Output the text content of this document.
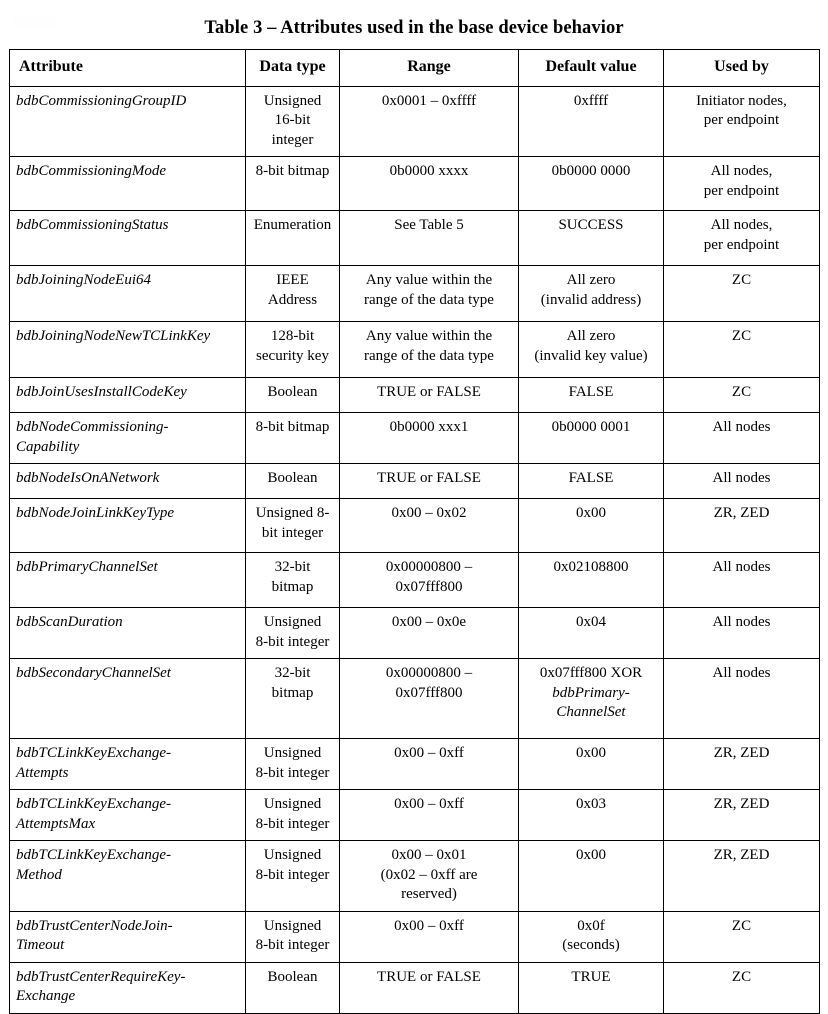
Table 3 – Attributes used in the base device behavior
Attribute	Data type	Range	Default value	Used by

bdbCommissioningGroupID	Unsigned
16-bit
integer	0x0001 – 0xffff	0xffff	Initiator nodes,
per endpoint

bdbCommissioningMode	8-bit bitmap	0b0000 xxxx	0b0000 0000	All nodes,
per endpoint

bdbCommissioningStatus	Enumeration	See Table 5	SUCCESS	All nodes,
per endpoint

bdbJoiningNodeEui64	IEEE
Address	Any value within the
range of the data type	All zero
(invalid address)	ZC

bdbJoiningNodeNewTCLinkKey	128-bit
security key	Any value within the
range of the data type	All zero
(invalid key value)	ZC

bdbJoinUsesInstallCodeKey	Boolean	TRUE or FALSE	FALSE	ZC

bdbNodeCommissioning-
Capability	8-bit bitmap	0b0000 xxx1	0b0000 0001	All nodes

bdbNodeIsOnANetwork	Boolean	TRUE or FALSE	FALSE	All nodes

bdbNodeJoinLinkKeyType	Unsigned 8-
bit integer	0x00 – 0x02	0x00	ZR, ZED

bdbPrimaryChannelSet	32-bit
bitmap	0x00000800 –
0x07fff800	0x02108800	All nodes

bdbScanDuration	Unsigned
8-bit integer	0x00 – 0x0e	0x04	All nodes

bdbSecondaryChannelSet	32-bit
bitmap	0x00000800 –
0x07fff800	0x07fff800 XOR
bdbPrimary-
ChannelSet	All nodes

bdbTCLinkKeyExchange-
Attempts	Unsigned
8-bit integer	0x00 – 0xff	0x00	ZR, ZED

bdbTCLinkKeyExchange-
AttemptsMax	Unsigned
8-bit integer	0x00 – 0xff	0x03	ZR, ZED

bdbTCLinkKeyExchange-
Method	Unsigned
8-bit integer	0x00 – 0x01
(0x02 – 0xff are
reserved)	0x00	ZR, ZED

bdbTrustCenterNodeJoin-
Timeout	Unsigned
8-bit integer	0x00 – 0xff	0x0f
(seconds)	ZC

bdbTrustCenterRequireKey-
Exchange	Boolean	TRUE or FALSE	TRUE	ZC
